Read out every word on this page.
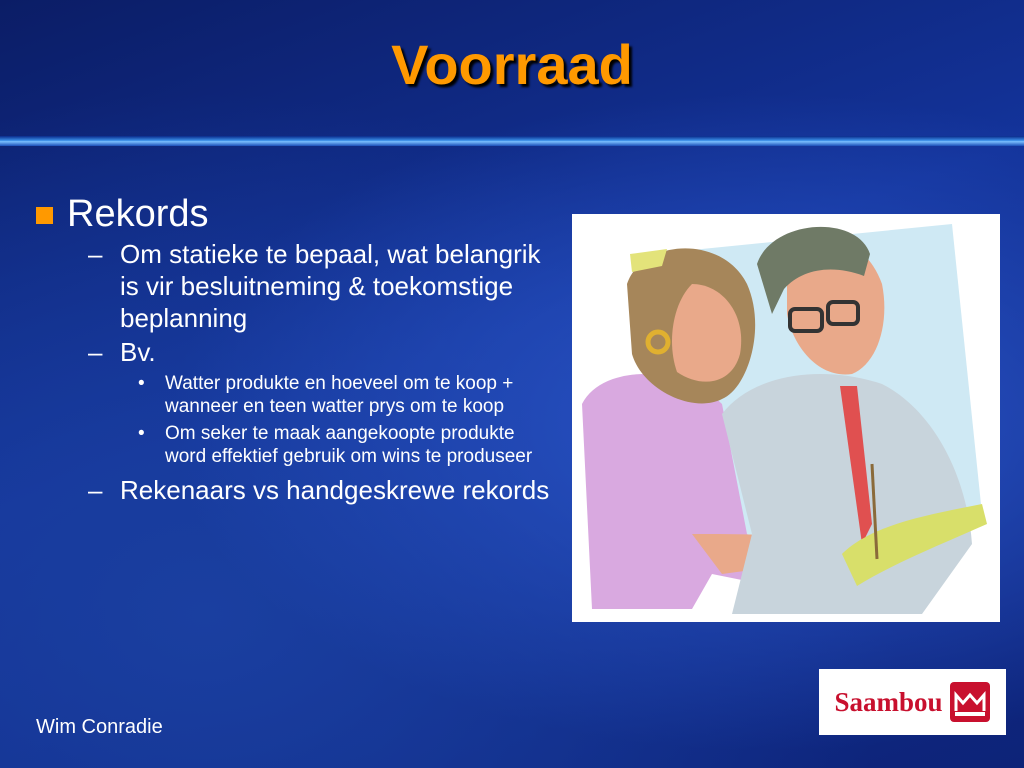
Voorraad
Rekords
– Om statieke te bepaal, wat belangrik is vir besluitneming & toekomstige beplanning
– Bv.
• Watter produkte en hoeveel om te koop + wanneer en teen watter prys om te koop
• Om seker te maak aangekoopte produkte word effektief gebruik om wins te produseer
– Rekenaars vs handgeskrewe rekords
Saambou
Wim Conradie
